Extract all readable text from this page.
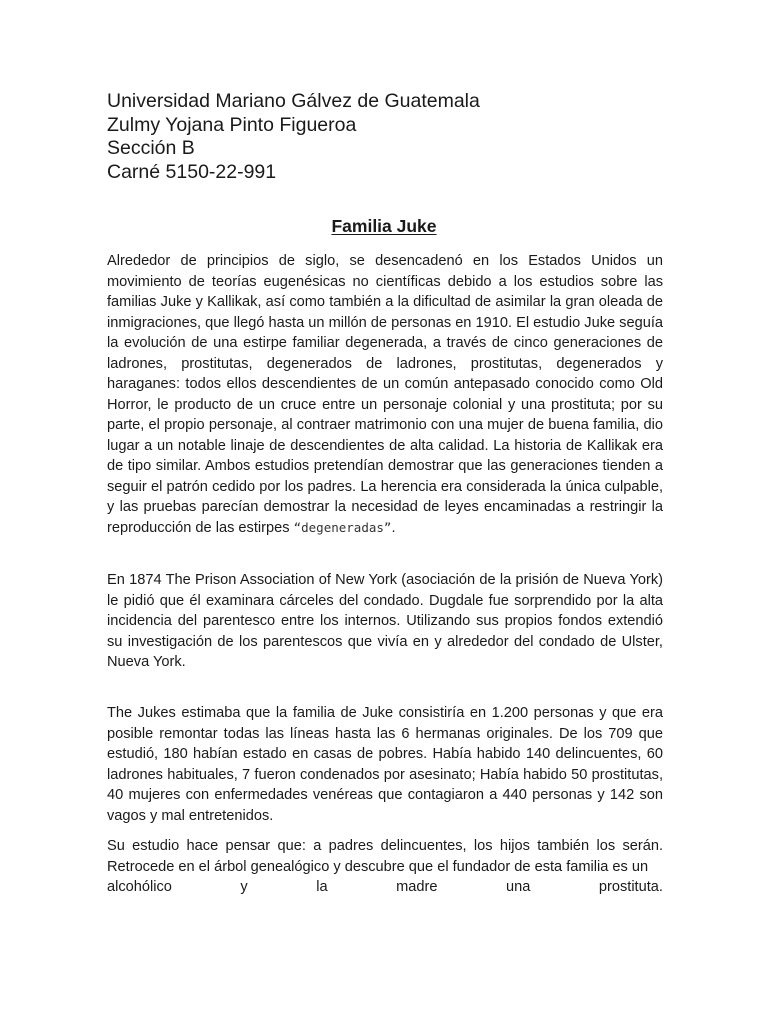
Universidad Mariano Gálvez de Guatemala
Zulmy Yojana Pinto Figueroa
Sección B
Carné 5150-22-991
Familia Juke

Alrededor de principios de siglo, se desencadenó en los Estados Unidos un movimiento de teorías eugenésicas no científicas debido a los estudios sobre las familias Juke y Kallikak, así como también a la dificultad de asimilar la gran oleada de inmigraciones, que llegó hasta un millón de personas en 1910. El estudio Juke seguía la evolución de una estirpe familiar degenerada, a través de cinco generaciones de ladrones, prostitutas, degenerados de ladrones, prostitutas, degenerados y haraganes: todos ellos descendientes de un común antepasado conocido como Old Horror, le producto de un cruce entre un personaje colonial y una prostituta; por su parte, el propio personaje, al contraer matrimonio con una mujer de buena familia, dio lugar a un notable linaje de descendientes de alta calidad. La historia de Kallikak era de tipo similar. Ambos estudios pretendían demostrar que las generaciones tienden a seguir el patrón cedido por los padres. La herencia era considerada la única culpable, y las pruebas parecían demostrar la necesidad de leyes encaminadas a restringir la reproducción de las estirpes “degeneradas”.

En 1874 The Prison Association of New York (asociación de la prisión de Nueva York) le pidió que él examinara cárceles del condado. Dugdale fue sorprendido por la alta incidencia del parentesco entre los internos. Utilizando sus propios fondos extendió su investigación de los parentescos que vivía en y alrededor del condado de Ulster, Nueva York.

The Jukes estimaba que la familia de Juke consistiría en 1.200 personas y que era posible remontar todas las líneas hasta las 6 hermanas originales. De los 709 que estudió, 180 habían estado en casas de pobres. Había habido 140 delincuentes, 60 ladrones habituales, 7 fueron condenados por asesinato; Había habido 50 prostitutas, 40 mujeres con enfermedades venéreas que contagiaron a 440 personas y 142 son vagos y mal entretenidos.

Su estudio hace pensar que: a padres delincuentes, los hijos también los serán. Retrocede en el árbol genealógico y descubre que el fundador de esta familia es un

alcohólico	y	la	madre	una	prostituta.
